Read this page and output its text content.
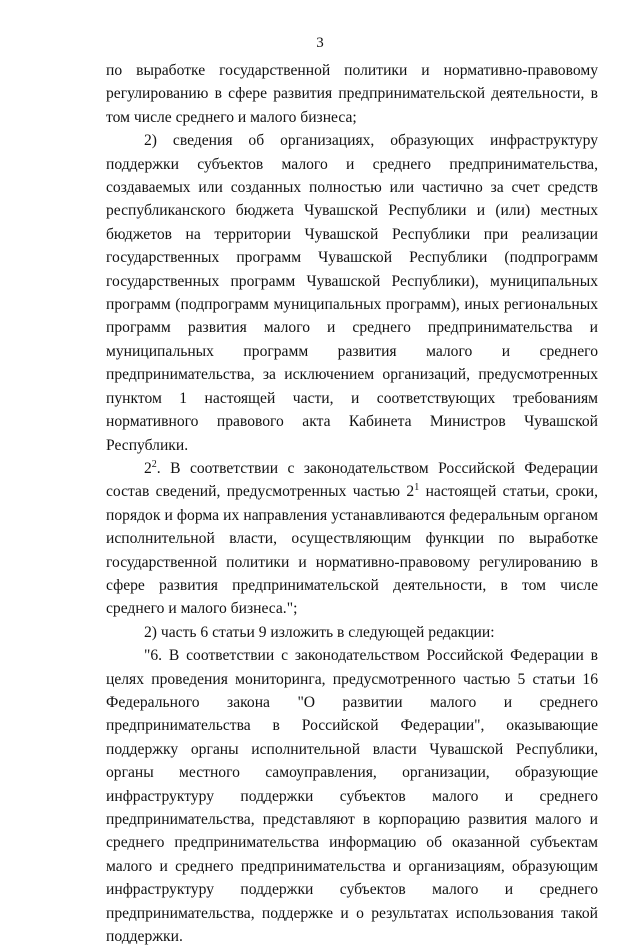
3

по выработке государственной политики и нормативно-правовому регулированию в сфере развития предпринимательской деятельности, в том числе среднего и малого бизнеса;

2) сведения об организациях, образующих инфраструктуру поддержки субъектов малого и среднего предпринимательства, создаваемых или созданных полностью или частично за счет средств республиканского бюджета Чувашской Республики и (или) местных бюджетов на территории Чувашской Республики при реализации государственных программ Чувашской Республики (подпрограмм государственных программ Чувашской Республики), муниципальных программ (подпрограмм муниципальных программ), иных региональных программ развития малого и среднего предпринимательства и муниципальных программ развития малого и среднего предпринимательства, за исключением организаций, предусмотренных пунктом 1 настоящей части, и соответствующих требованиям нормативного правового акта Кабинета Министров Чувашской Республики.

$2^2$. В соответствии с законодательством Российской Федерации состав сведений, предусмотренных частью $2^1$ настоящей статьи, сроки, порядок и форма их направления устанавливаются федеральным органом исполнительной власти, осуществляющим функции по выработке государственной политики и нормативно-правовому регулированию в сфере развития предпринимательской деятельности, в том числе среднего и малого бизнеса.";

2) часть 6 статьи 9 изложить в следующей редакции:

"6. В соответствии с законодательством Российской Федерации в целях проведения мониторинга, предусмотренного частью 5 статьи 16 Федерального закона "О развитии малого и среднего предпринимательства в Российской Федерации", оказывающие поддержку органы исполнительной власти Чувашской Республики, органы местного самоуправления, организации, образующие инфраструктуру поддержки субъектов малого и среднего предпринимательства, представляют в корпорацию развития малого и среднего предпринимательства информацию об оказанной субъектам малого и среднего предпринимательства и организациям, образующим инфраструктуру поддержки субъектов малого и среднего предпринимательства, поддержке и о результатах использования такой поддержки.
